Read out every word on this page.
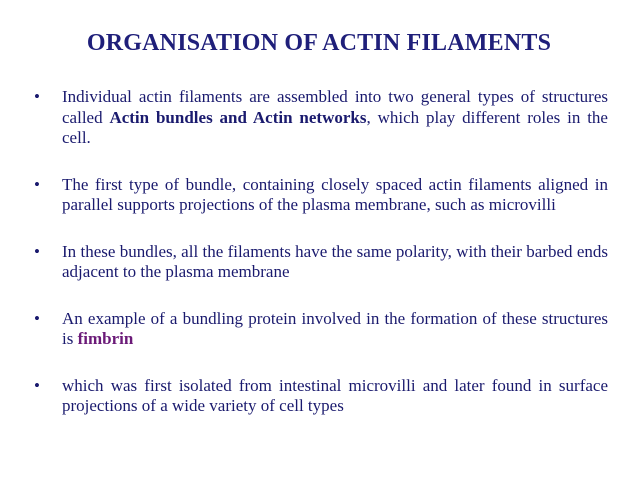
ORGANISATION OF ACTIN FILAMENTS
• Individual actin filaments are assembled into two general types of structures called Actin bundles and Actin networks, which play different roles in the cell.
• The first type of bundle, containing closely spaced actin filaments aligned in parallel supports projections of the plasma membrane, such as microvilli
• In these bundles, all the filaments have the same polarity, with their barbed ends adjacent to the plasma membrane
• An example of a bundling protein involved in the formation of these structures is fimbrin
• which was first isolated from intestinal microvilli and later found in surface projections of a wide variety of cell types
